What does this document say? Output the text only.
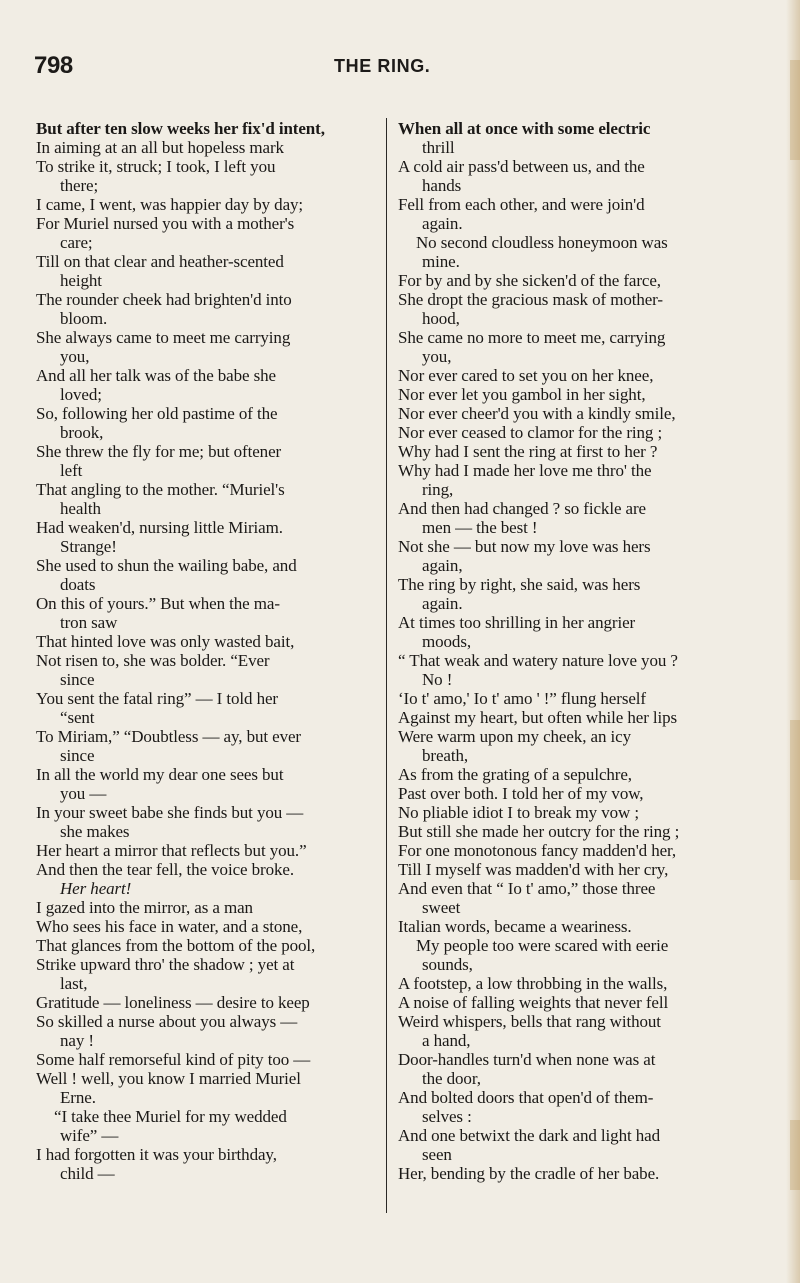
798	THE RING.
But after ten slow weeks her fix'd intent,
In aiming at an all but hopeless mark
To strike it, struck; I took, I left you
there;
I came, I went, was happier day by day;
For Muriel nursed you with a mother's
care;
Till on that clear and heather-scented
height
The rounder cheek had brighten'd into
bloom.
She always came to meet me carrying
you,
And all her talk was of the babe she
loved;
So, following her old pastime of the
brook,
She threw the fly for me; but oftener
left
That angling to the mother. “Muriel's
health
Had weaken'd, nursing little Miriam.
Strange!
She used to shun the wailing babe, and
doats
On this of yours.” But when the ma-
tron saw
That hinted love was only wasted bait,
Not risen to, she was bolder. “Ever
since
You sent the fatal ring” — I told her
“sent
To Miriam,” “Doubtless — ay, but ever
since
In all the world my dear one sees but
you —
In your sweet babe she finds but you —
she makes
Her heart a mirror that reflects but you.”
And then the tear fell, the voice broke.
Her heart!
I gazed into the mirror, as a man
Who sees his face in water, and a stone,
That glances from the bottom of the pool,
Strike upward thro' the shadow ; yet at
last,
Gratitude — loneliness — desire to keep
So skilled a nurse about you always —
nay !
Some half remorseful kind of pity too —
Well ! well, you know I married Muriel
Erne.
“I take thee Muriel for my wedded
wife” —
I had forgotten it was your birthday,
child —
When all at once with some electric
thrill
A cold air pass'd between us, and the
hands
Fell from each other, and were join'd
again.
No second cloudless honeymoon was
mine.
For by and by she sicken'd of the farce,
She dropt the gracious mask of mother-
hood,
She came no more to meet me, carrying
you,
Nor ever cared to set you on her knee,
Nor ever let you gambol in her sight,
Nor ever cheer'd you with a kindly smile,
Nor ever ceased to clamor for the ring ;
Why had I sent the ring at first to her ?
Why had I made her love me thro' the
ring,
And then had changed ? so fickle are
men — the best !
Not she — but now my love was hers
again,
The ring by right, she said, was hers
again.
At times too shrilling in her angrier
moods,
“ That weak and watery nature love you ?
No !
‘Io t' amo,' Io t' amo ' !” flung herself
Against my heart, but often while her lips
Were warm upon my cheek, an icy
breath,
As from the grating of a sepulchre,
Past over both. I told her of my vow,
No pliable idiot I to break my vow ;
But still she made her outcry for the ring ;
For one monotonous fancy madden'd her,
Till I myself was madden'd with her cry,
And even that “ Io t' amo,” those three
sweet
Italian words, became a weariness.
My people too were scared with eerie
sounds,
A footstep, a low throbbing in the walls,
A noise of falling weights that never fell
Weird whispers, bells that rang without
a hand,
Door-handles turn'd when none was at
the door,
And bolted doors that open'd of them-
selves :
And one betwixt the dark and light had
seen
Her, bending by the cradle of her babe.
